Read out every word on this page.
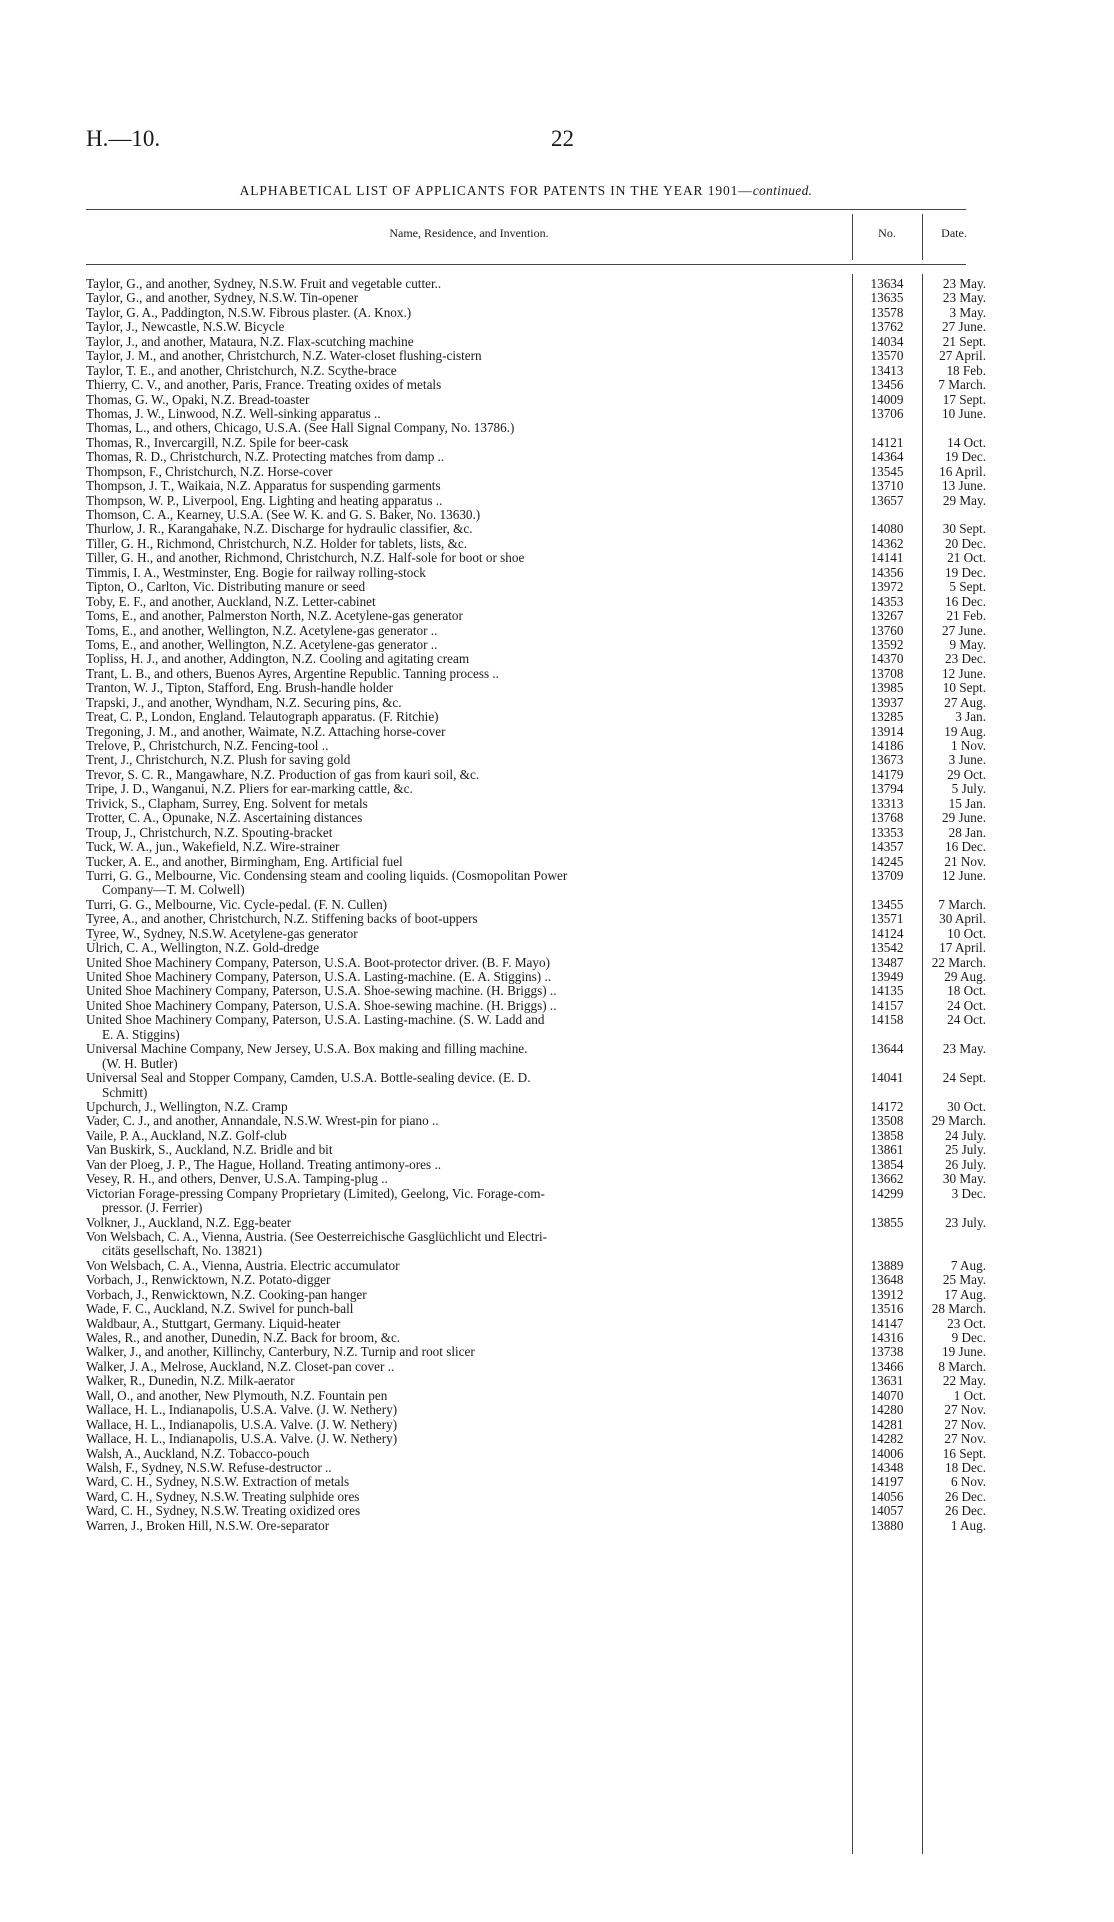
H.—10.	22
ALPHABETICAL LIST OF APPLICANTS FOR PATENTS IN THE YEAR 1901—continued.
Name, Residence, and Invention.	No.	Date.
Taylor, G., and another, Sydney, N.S.W. Fruit and vegetable cutter..	13634	23 May.
Taylor, G., and another, Sydney, N.S.W. Tin-opener	13635	23 May.
Taylor, G. A., Paddington, N.S.W. Fibrous plaster. (A. Knox.)	13578	3 May.
Taylor, J., Newcastle, N.S.W. Bicycle	13762	27 June.
Taylor, J., and another, Mataura, N.Z. Flax-scutching machine	14034	21 Sept.
Taylor, J. M., and another, Christchurch, N.Z. Water-closet flushing-cistern	13570	27 April.
Taylor, T. E., and another, Christchurch, N.Z. Scythe-brace	13413	18 Feb.
Thierry, C. V., and another, Paris, France. Treating oxides of metals	13456	7 March.
Thomas, G. W., Opaki, N.Z. Bread-toaster	14009	17 Sept.
Thomas, J. W., Linwood, N.Z. Well-sinking apparatus ..	13706	10 June.
Thomas, L., and others, Chicago, U.S.A. (See Hall Signal Company, No. 13786.)
Thomas, R., Invercargill, N.Z. Spile for beer-cask	14121	14 Oct.
Thomas, R. D., Christchurch, N.Z. Protecting matches from damp ..	14364	19 Dec.
Thompson, F., Christchurch, N.Z. Horse-cover	13545	16 April.
Thompson, J. T., Waikaia, N.Z. Apparatus for suspending garments	13710	13 June.
Thompson, W. P., Liverpool, Eng. Lighting and heating apparatus ..	13657	29 May.
Thomson, C. A., Kearney, U.S.A. (See W. K. and G. S. Baker, No. 13630.)
Thurlow, J. R., Karangahake, N.Z. Discharge for hydraulic classifier, &c.	14080	30 Sept.
Tiller, G. H., Richmond, Christchurch, N.Z. Holder for tablets, lists, &c.	14362	20 Dec.
Tiller, G. H., and another, Richmond, Christchurch, N.Z. Half-sole for boot or shoe	14141	21 Oct.
Timmis, I. A., Westminster, Eng. Bogie for railway rolling-stock	14356	19 Dec.
Tipton, O., Carlton, Vic. Distributing manure or seed	13972	5 Sept.
Toby, E. F., and another, Auckland, N.Z. Letter-cabinet	14353	16 Dec.
Toms, E., and another, Palmerston North, N.Z. Acetylene-gas generator	13267	21 Feb.
Toms, E., and another, Wellington, N.Z. Acetylene-gas generator ..	13760	27 June.
Toms, E., and another, Wellington, N.Z. Acetylene-gas generator ..	13592	9 May.
Topliss, H. J., and another, Addington, N.Z. Cooling and agitating cream	14370	23 Dec.
Trant, L. B., and others, Buenos Ayres, Argentine Republic. Tanning process ..	13708	12 June.
Tranton, W. J., Tipton, Stafford, Eng. Brush-handle holder	13985	10 Sept.
Trapski, J., and another, Wyndham, N.Z. Securing pins, &c.	13937	27 Aug.
Treat, C. P., London, England. Telautograph apparatus. (F. Ritchie)	13285	3 Jan.
Tregoning, J. M., and another, Waimate, N.Z. Attaching horse-cover	13914	19 Aug.
Trelove, P., Christchurch, N.Z. Fencing-tool ..	14186	1 Nov.
Trent, J., Christchurch, N.Z. Plush for saving gold	13673	3 June.
Trevor, S. C. R., Mangawhare, N.Z. Production of gas from kauri soil, &c.	14179	29 Oct.
Tripe, J. D., Wanganui, N.Z. Pliers for ear-marking cattle, &c.	13794	5 July.
Trivick, S., Clapham, Surrey, Eng. Solvent for metals	13313	15 Jan.
Trotter, C. A., Opunake, N.Z. Ascertaining distances	13768	29 June.
Troup, J., Christchurch, N.Z. Spouting-bracket	13353	28 Jan.
Tuck, W. A., jun., Wakefield, N.Z. Wire-strainer	14357	16 Dec.
Tucker, A. E., and another, Birmingham, Eng. Artificial fuel	14245	21 Nov.
Turri, G. G., Melbourne, Vic. Condensing steam and cooling liquids. (Cosmopolitan Power
Company—T. M. Colwell)
13709	12 June.
Turri, G. G., Melbourne, Vic. Cycle-pedal. (F. N. Cullen)	13455	7 March.
Tyree, A., and another, Christchurch, N.Z. Stiffening backs of boot-uppers	13571	30 April.
Tyree, W., Sydney, N.S.W. Acetylene-gas generator	14124	10 Oct.
Ulrich, C. A., Wellington, N.Z. Gold-dredge	13542	17 April.
United Shoe Machinery Company, Paterson, U.S.A. Boot-protector driver. (B. F. Mayo)	13487	22 March.
United Shoe Machinery Company, Paterson, U.S.A. Lasting-machine. (E. A. Stiggins) ..	13949	29 Aug.
United Shoe Machinery Company, Paterson, U.S.A. Shoe-sewing machine. (H. Briggs) ..	14135	18 Oct.
United Shoe Machinery Company, Paterson, U.S.A. Shoe-sewing machine. (H. Briggs) ..	14157	24 Oct.
United Shoe Machinery Company, Paterson, U.S.A. Lasting-machine. (S. W. Ladd and
E. A. Stiggins)
14158	24 Oct.
Universal Machine Company, New Jersey, U.S.A. Box making and filling machine.
(W. H. Butler)
13644	23 May.
Universal Seal and Stopper Company, Camden, U.S.A. Bottle-sealing device. (E. D.
Schmitt)
14041	24 Sept.
Upchurch, J., Wellington, N.Z. Cramp	14172	30 Oct.
Vader, C. J., and another, Annandale, N.S.W. Wrest-pin for piano ..	13508	29 March.
Vaile, P. A., Auckland, N.Z. Golf-club	13858	24 July.
Van Buskirk, S., Auckland, N.Z. Bridle and bit	13861	25 July.
Van der Ploeg, J. P., The Hague, Holland. Treating antimony-ores ..	13854	26 July.
Vesey, R. H., and others, Denver, U.S.A. Tamping-plug ..	13662	30 May.
Victorian Forage-pressing Company Proprietary (Limited), Geelong, Vic. Forage-com-
pressor. (J. Ferrier)
14299	3 Dec.
Volkner, J., Auckland, N.Z. Egg-beater	13855	23 July.
Von Welsbach, C. A., Vienna, Austria. (See Oesterreichische Gasglüchlicht und Electri-
citäts gesellschaft, No. 13821)
Von Welsbach, C. A., Vienna, Austria. Electric accumulator	13889	7 Aug.
Vorbach, J., Renwicktown, N.Z. Potato-digger	13648	25 May.
Vorbach, J., Renwicktown, N.Z. Cooking-pan hanger	13912	17 Aug.
Wade, F. C., Auckland, N.Z. Swivel for punch-ball	13516	28 March.
Waldbaur, A., Stuttgart, Germany. Liquid-heater	14147	23 Oct.
Wales, R., and another, Dunedin, N.Z. Back for broom, &c.	14316	9 Dec.
Walker, J., and another, Killinchy, Canterbury, N.Z. Turnip and root slicer	13738	19 June.
Walker, J. A., Melrose, Auckland, N.Z. Closet-pan cover ..	13466	8 March.
Walker, R., Dunedin, N.Z. Milk-aerator	13631	22 May.
Wall, O., and another, New Plymouth, N.Z. Fountain pen	14070	1 Oct.
Wallace, H. L., Indianapolis, U.S.A. Valve. (J. W. Nethery)	14280	27 Nov.
Wallace, H. L., Indianapolis, U.S.A. Valve. (J. W. Nethery)	14281	27 Nov.
Wallace, H. L., Indianapolis, U.S.A. Valve. (J. W. Nethery)	14282	27 Nov.
Walsh, A., Auckland, N.Z. Tobacco-pouch	14006	16 Sept.
Walsh, F., Sydney, N.S.W. Refuse-destructor ..	14348	18 Dec.
Ward, C. H., Sydney, N.S.W. Extraction of metals	14197	6 Nov.
Ward, C. H., Sydney, N.S.W. Treating sulphide ores	14056	26 Dec.
Ward, C. H., Sydney, N.S.W. Treating oxidized ores	14057	26 Dec.
Warren, J., Broken Hill, N.S.W. Ore-separator	13880	1 Aug.
